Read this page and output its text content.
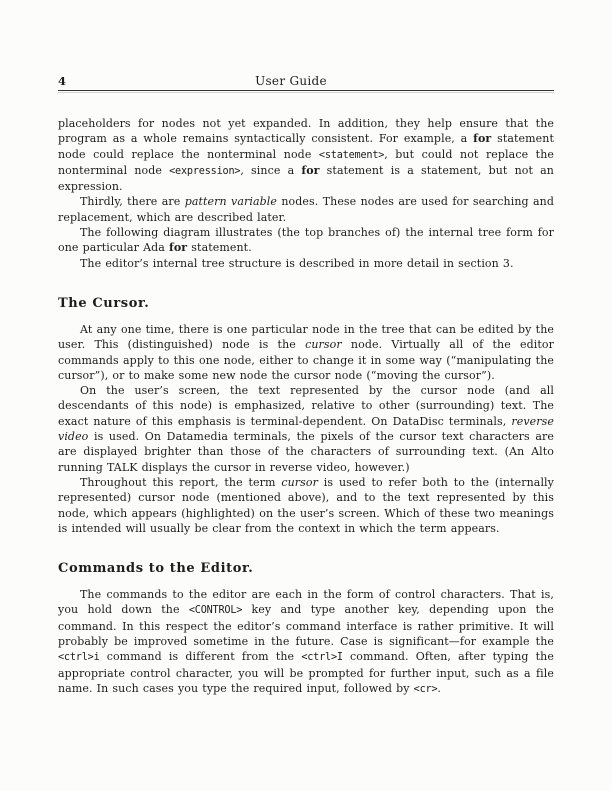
4	User Guide

placeholders for nodes not yet expanded. In addition, they help ensure that the program as a whole remains syntactically consistent. For example, a for statement node could replace the nonterminal node <statement>, but could not replace the nonterminal node <expression>, since a for statement is a statement, but not an expression.

Thirdly, there are pattern variable nodes. These nodes are used for searching and replacement, which are described later.

The following diagram illustrates (the top branches of) the internal tree form for one particular Ada for statement.

The editor’s internal tree structure is described in more detail in section 3.

The Cursor.

At any one time, there is one particular node in the tree that can be edited by the user. This (distinguished) node is the cursor node. Virtually all of the editor commands apply to this one node, either to change it in some way (“manipulating the cursor”), or to make some new node the cursor node (“moving the cursor”).

On the user’s screen, the text represented by the cursor node (and all descendants of this node) is emphasized, relative to other (surrounding) text. The exact nature of this emphasis is terminal-dependent. On DataDisc terminals, reverse video is used. On Datamedia terminals, the pixels of the cursor text characters are are displayed brighter than those of the characters of surrounding text. (An Alto running TALK displays the cursor in reverse video, however.)

Throughout this report, the term cursor is used to refer both to the (internally represented) cursor node (mentioned above), and to the text represented by this node, which appears (highlighted) on the user’s screen. Which of these two meanings is intended will usually be clear from the context in which the term appears.

Commands to the Editor.

The commands to the editor are each in the form of control characters. That is, you hold down the <CONTROL> key and type another key, depending upon the command. In this respect the editor’s command interface is rather primitive. It will probably be improved sometime in the future. Case is significant—for example the <ctrl>i command is different from the <ctrl>I command. Often, after typing the appropriate control character, you will be prompted for further input, such as a file name. In such cases you type the required input, followed by <cr>.
